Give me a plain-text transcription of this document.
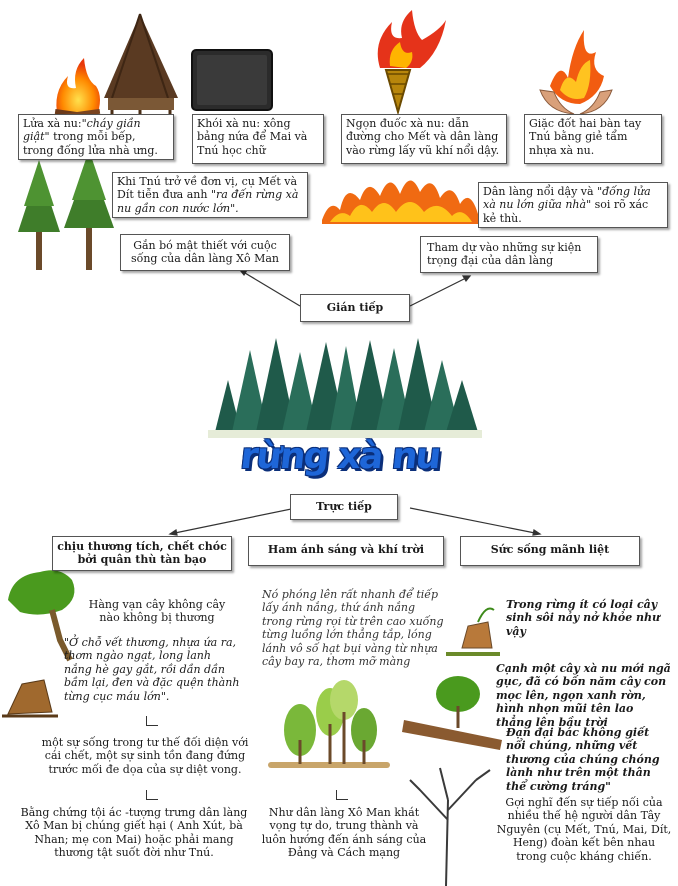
Lửa xà nu:"cháy giần giật" trong mỗi bếp, trong đống lửa nhà ưng.
Khói xà nu: xông bảng nứa để Mai và Tnú học chữ
Ngọn đuốc xà nu: dẫn đường cho Mết và dân làng vào rừng lấy vũ khí nổi dậy.
Giặc đốt hai bàn tay Tnú bằng giẻ tẩm nhựa xà nu.
Khi Tnú trở về đơn vị, cụ Mết và Dít tiễn đưa anh "ra đến rừng xà nu gần con nước lớn".
Dân làng nổi dậy và "đống lửa xà nu lớn giữa nhà" soi rõ xác kẻ thù.
Gắn bó mật thiết với cuộc sống của dân làng Xô Man
Tham dự vào những sự kiện trọng đại của dân làng
Gián tiếp
rừng xà nu
Trực tiếp
chịu thương tích, chết chóc bởi quân thù tàn bạo
Ham ánh sáng và khí trời	Sức sống mãnh liệt
Hàng vạn cây không cây nào không bị thương
"Ở chỗ vết thương, nhựa ứa ra, thơm ngào ngạt, long lanh nắng hè gay gắt, rồi dần dần bầm lại, đen và đặc quện thành từng cục máu lớn".
một sự sống trong tư thế đối diện với cái chết, một sự sinh tồn đang đứng trước mối đe dọa của sự diệt vong.
Bằng chứng tội ác -tượng trưng dân làng Xô Man bị chúng giết hại ( Anh Xút, bà Nhan; mẹ con Mai) hoặc phải mang thương tật suốt đời như Tnú.
Nó phóng lên rất nhanh để tiếp lấy ánh nắng, thứ ánh nắng trong rừng rọi từ trên cao xuống từng luồng lớn thẳng tắp, lóng lánh vô số hạt bụi vàng từ nhựa cây bay ra, thơm mỡ màng
Như dân làng Xô Man khát vọng tự do, trung thành và luôn hướng đến ánh sáng của Đảng và Cách mạng
Trong rừng ít có loại cây sinh sôi nảy nở khỏe như vậy
Cạnh một cây xà nu mới ngã gục, đã có bốn năm cây con mọc lên, ngọn xanh rờn, hình nhọn mũi tên lao thẳng lên bầu trời
Đạn đại bác không giết nổi chúng, những vết thương của chúng chóng lành như trên một thân thể cường tráng"
Gợi nghĩ đến sự tiếp nối của nhiều thế hệ người dân Tây Nguyên (cụ Mết, Tnú, Mai, Dít, Heng) đoàn kết bên nhau trong cuộc kháng chiến.
